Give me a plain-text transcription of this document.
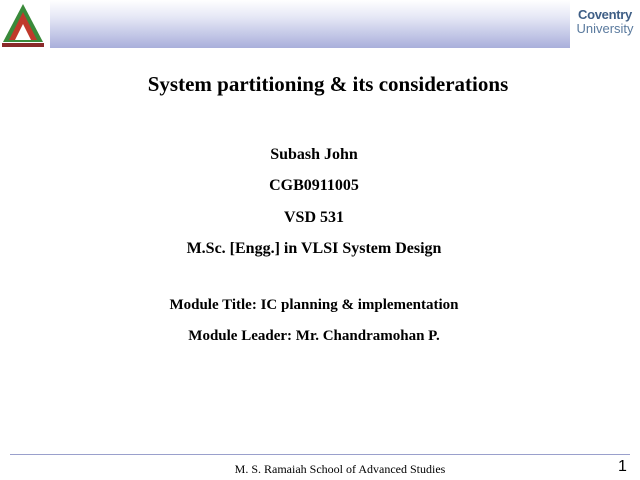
Coventry
University
System partitioning & its considerations
Subash John
CGB0911005
VSD 531
M.Sc. [Engg.] in VLSI System Design
Module Title: IC planning & implementation
Module Leader: Mr. Chandramohan P.
M. S. Ramaiah School of Advanced Studies	1
